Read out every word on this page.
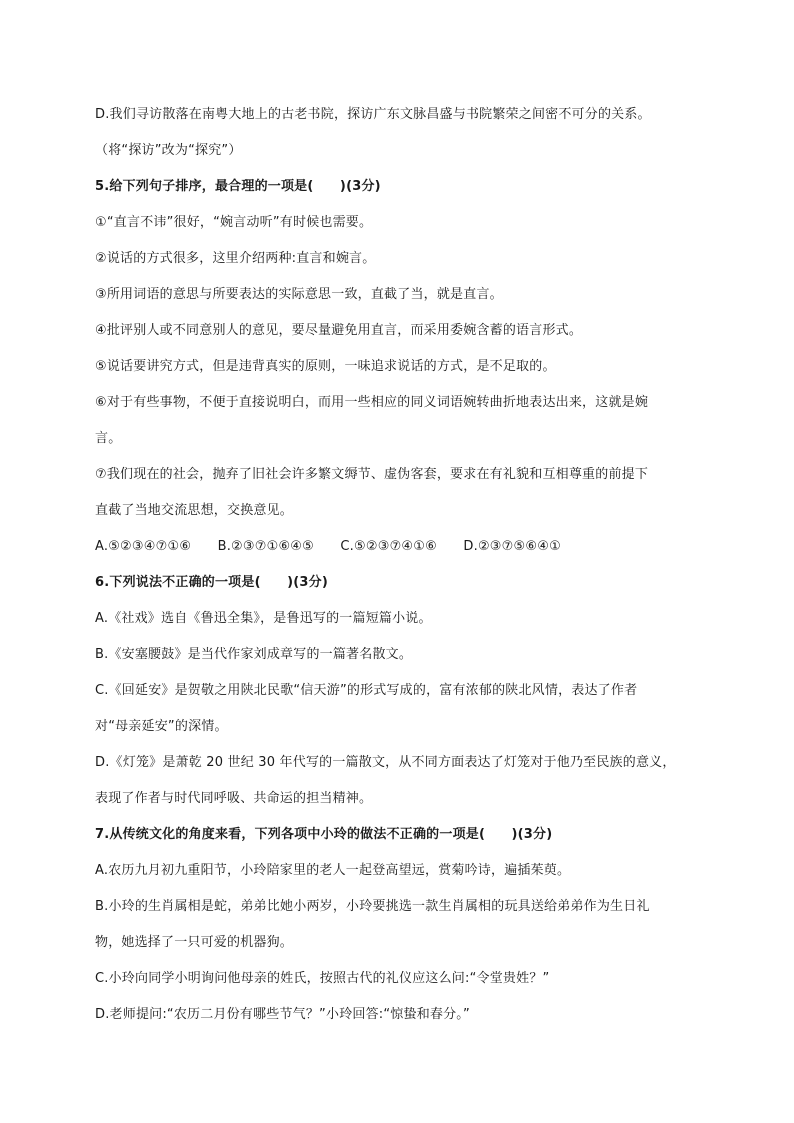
D.我们寻访散落在南粤大地上的古老书院，探访广东文脉昌盛与书院繁荣之间密不可分的关系。
（将“探访”改为“探究”）
5.给下列句子排序，最合理的一项是(　　)(3分)
①“直言不讳”很好，“婉言动听”有时候也需要。
②说话的方式很多，这里介绍两种:直言和婉言。
③所用词语的意思与所要表达的实际意思一致，直截了当，就是直言。
④批评别人或不同意别人的意见，要尽量避免用直言，而采用委婉含蓄的语言形式。
⑤说话要讲究方式，但是违背真实的原则，一味追求说话的方式，是不足取的。
⑥对于有些事物，不便于直接说明白，而用一些相应的同义词语婉转曲折地表达出来，这就是婉
言。
⑦我们现在的社会，抛弃了旧社会许多繁文缛节、虚伪客套，要求在有礼貌和互相尊重的前提下
直截了当地交流思想，交换意见。
A.⑤②③④⑦①⑥　　B.②③⑦①⑥④⑤　　C.⑤②③⑦④①⑥　　D.②③⑦⑤⑥④①
6.下列说法不正确的一项是(　　)(3分)
A.《社戏》选自《鲁迅全集》，是鲁迅写的一篇短篇小说。
B.《安塞腰鼓》是当代作家刘成章写的一篇著名散文。
C.《回延安》是贺敬之用陕北民歌“信天游”的形式写成的，富有浓郁的陕北风情，表达了作者
对“母亲延安”的深情。
D.《灯笼》是萧乾 20 世纪 30 年代写的一篇散文，从不同方面表达了灯笼对于他乃至民族的意义，
表现了作者与时代同呼吸、共命运的担当精神。
7.从传统文化的角度来看，下列各项中小玲的做法不正确的一项是(　　)(3分)
A.农历九月初九重阳节，小玲陪家里的老人一起登高望远，赏菊吟诗，遍插茱萸。
B.小玲的生肖属相是蛇，弟弟比她小两岁，小玲要挑选一款生肖属相的玩具送给弟弟作为生日礼
物，她选择了一只可爱的机器狗。
C.小玲向同学小明询问他母亲的姓氏，按照古代的礼仪应这么问:“令堂贵姓？”
D.老师提问:“农历二月份有哪些节气？”小玲回答:“惊蛰和春分。”
